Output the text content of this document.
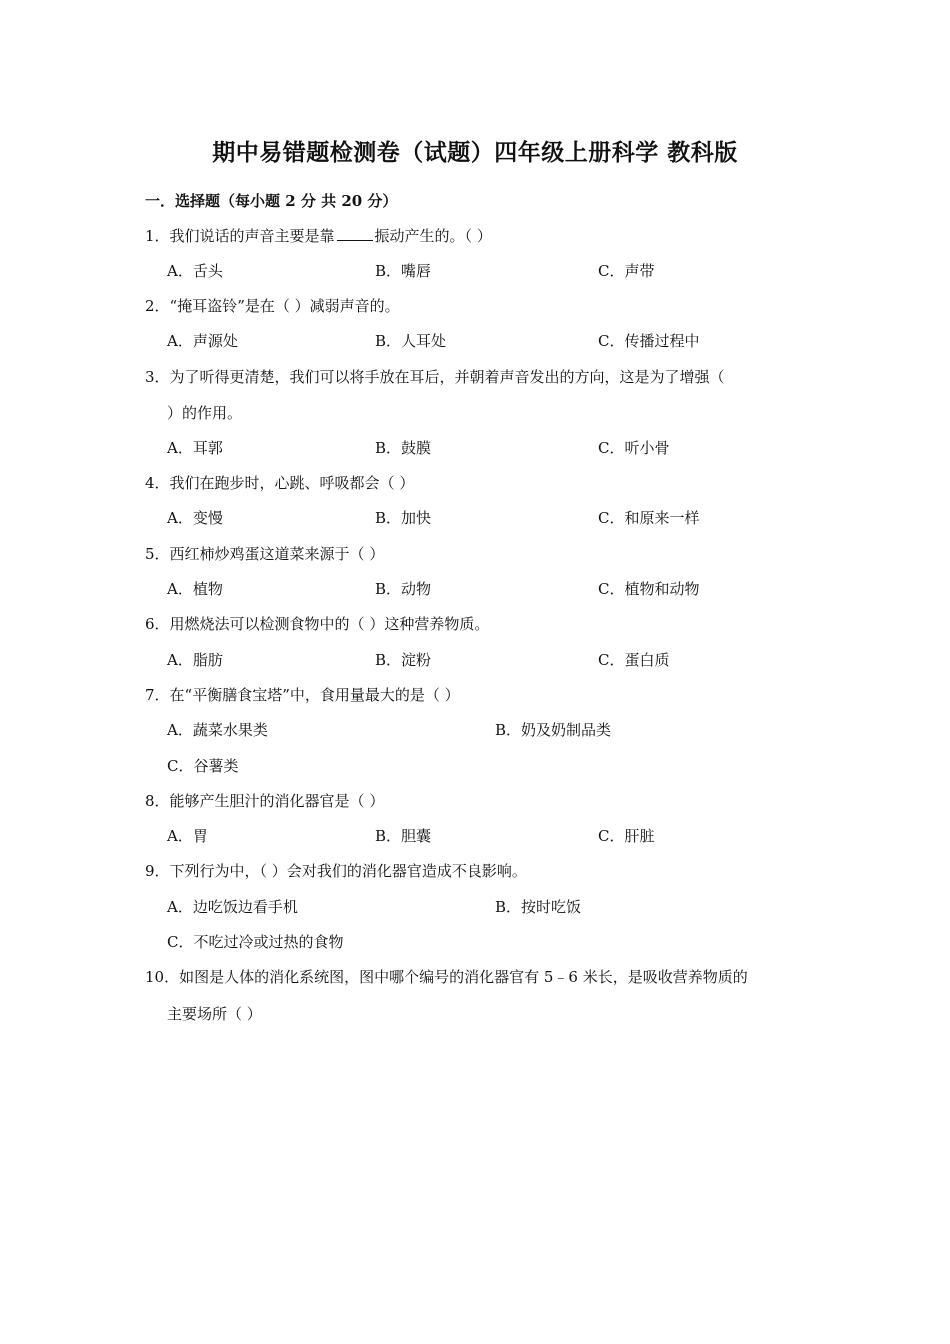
期中易错题检测卷（试题）四年级上册科学 教科版
一．选择题（每小题 2 分 共 20 分）
1．我们说话的声音主要是靠	振动产生的。（ ）
A．舌头	B．嘴唇	C．声带
2．“掩耳盗铃”是在（ ）减弱声音的。
A．声源处	B．人耳处	C．传播过程中
3．为了听得更清楚，我们可以将手放在耳后，并朝着声音发出的方向，这是为了增强（
）的作用。
A．耳郭	B．鼓膜	C．听小骨
4．我们在跑步时，心跳、呼吸都会（ ）
A．变慢	B．加快	C．和原来一样
5．西红柿炒鸡蛋这道菜来源于（ ）
A．植物	B．动物	C．植物和动物
6．用燃烧法可以检测食物中的（ ）这种营养物质。
A．脂肪	B．淀粉	C．蛋白质
7．在“平衡膳食宝塔”中，食用量最大的是（ ）
A．蔬菜水果类	B．奶及奶制品类
C．谷薯类
8．能够产生胆汁的消化器官是（ ）
A．胃	B．胆囊	C．肝脏
9．下列行为中，（ ）会对我们的消化器官造成不良影响。
A．边吃饭边看手机	B．按时吃饭
C．不吃过冷或过热的食物
10．如图是人体的消化系统图，图中哪个编号的消化器官有 5﹣6 米长，是吸收营养物质的
主要场所（ ）
